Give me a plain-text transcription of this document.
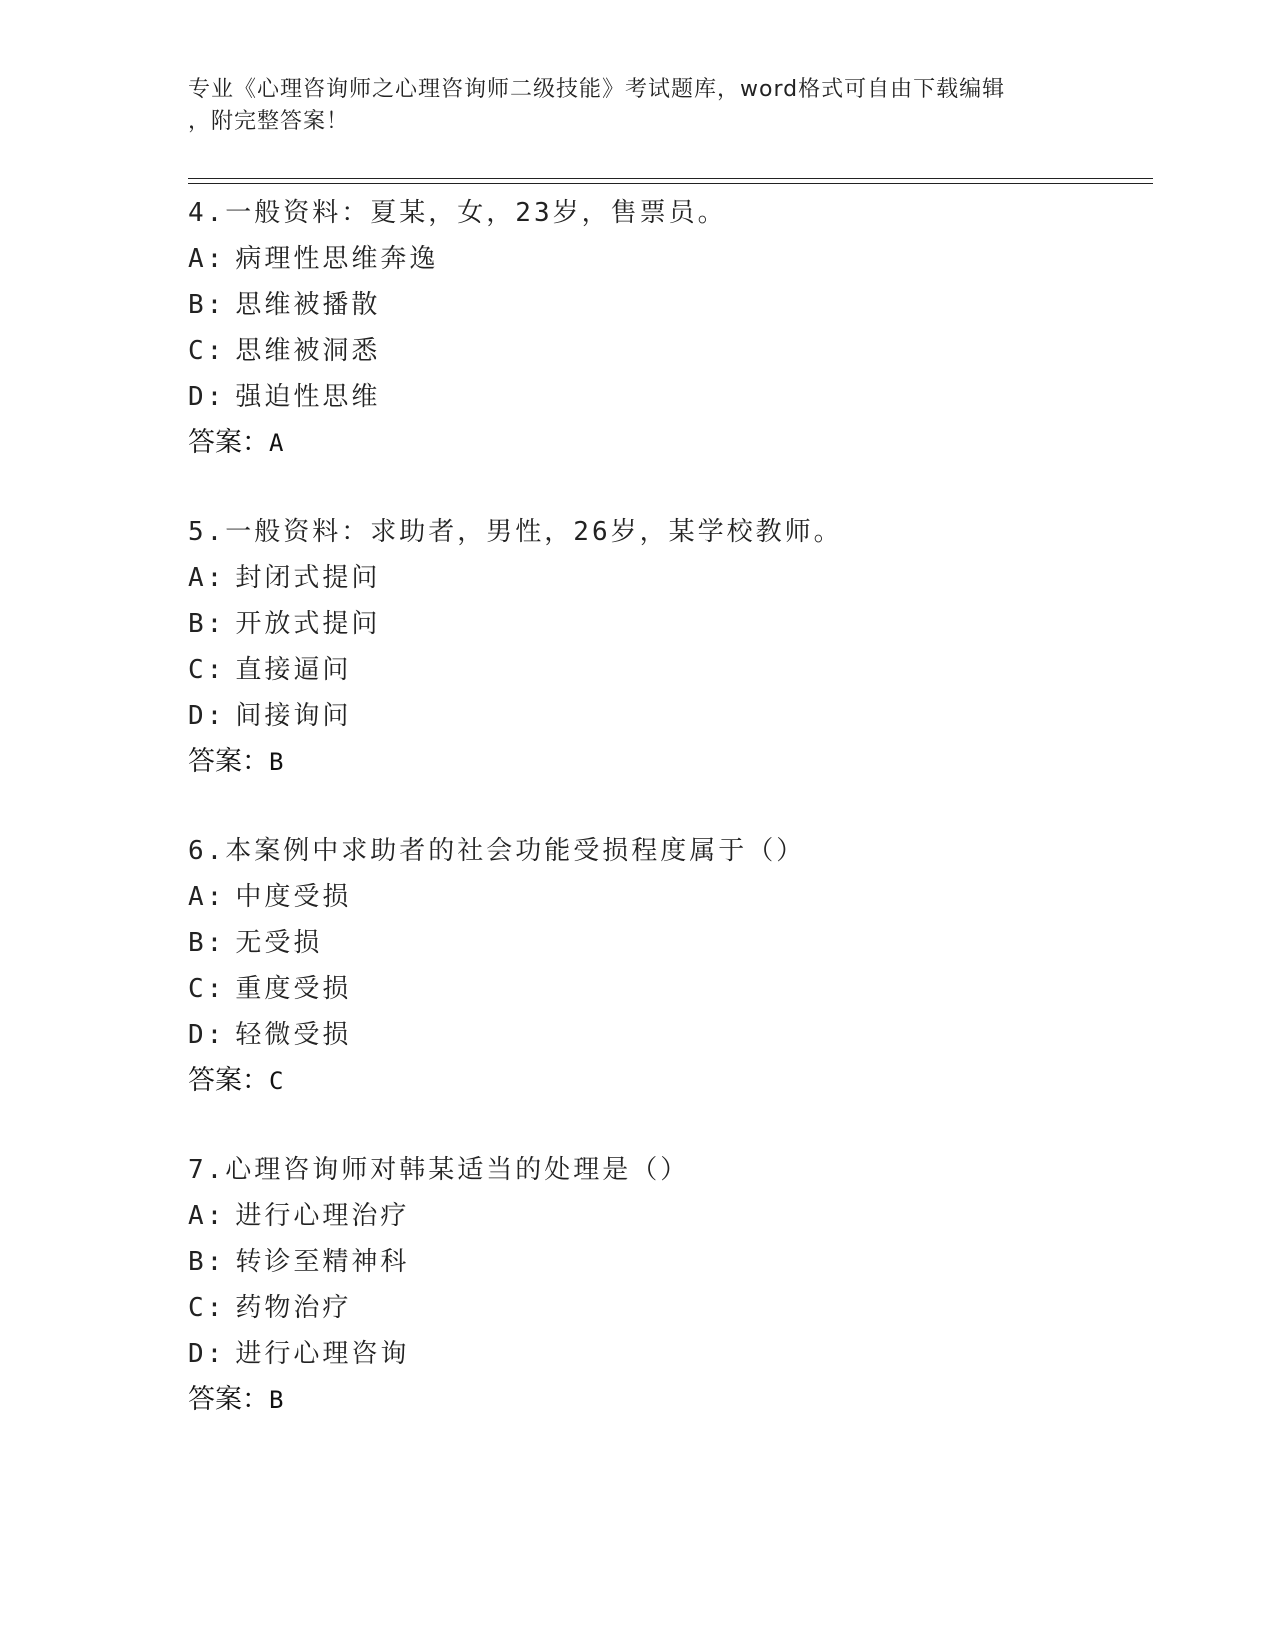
专业《心理咨询师之心理咨询师二级技能》考试题库，word格式可自由下载编辑
，附完整答案！
4.一般资料：夏某，女，23岁，售票员。
A: 病理性思维奔逸
B: 思维被播散
C: 思维被洞悉
D: 强迫性思维
答案：A
5.一般资料：求助者，男性，26岁，某学校教师。
A: 封闭式提问
B: 开放式提问
C: 直接逼问
D: 间接询问
答案：B
6.本案例中求助者的社会功能受损程度属于（）
A: 中度受损
B: 无受损
C: 重度受损
D: 轻微受损
答案：C
7.心理咨询师对韩某适当的处理是（）
A: 进行心理治疗
B: 转诊至精神科
C: 药物治疗
D: 进行心理咨询
答案：B
